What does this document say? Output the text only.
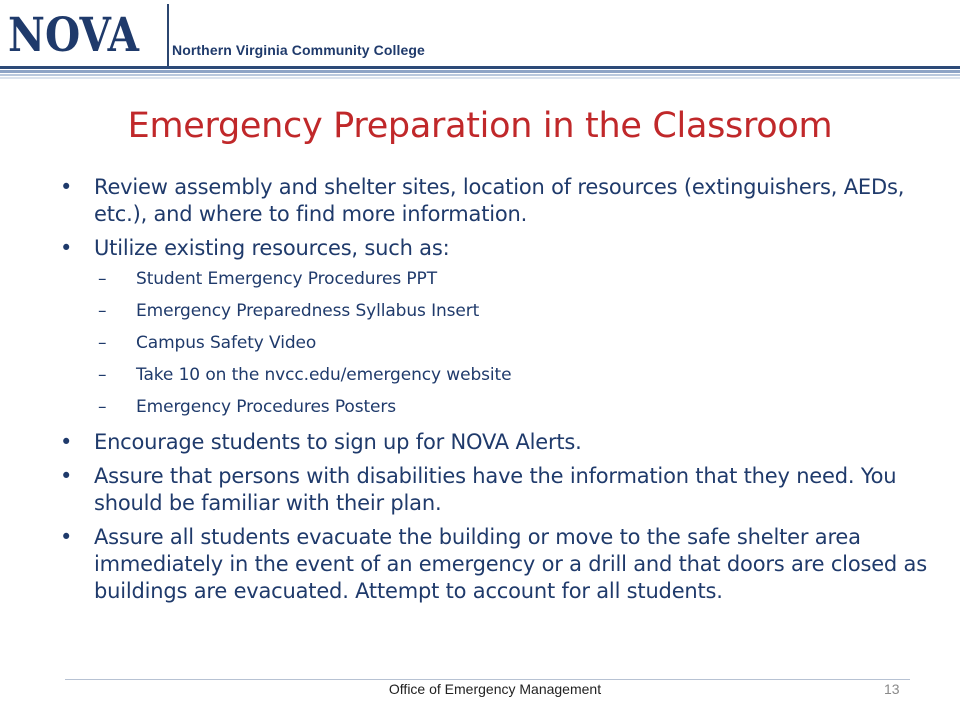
NOVA Northern Virginia Community College
Emergency Preparation in the Classroom
• Review assembly and shelter sites, location of resources (extinguishers, AEDs, etc.), and where to find more information.
• Utilize existing resources, such as:
– Student Emergency Procedures PPT
– Emergency Preparedness Syllabus Insert
– Campus Safety Video
– Take 10 on the nvcc.edu/emergency website
– Emergency Procedures Posters
• Encourage students to sign up for NOVA Alerts.
• Assure that persons with disabilities have the information that they need. You should be familiar with their plan.
• Assure all students evacuate the building or move to the safe shelter area immediately in the event of an emergency or a drill and that doors are closed as buildings are evacuated. Attempt to account for all students.
Office of Emergency Management	13
